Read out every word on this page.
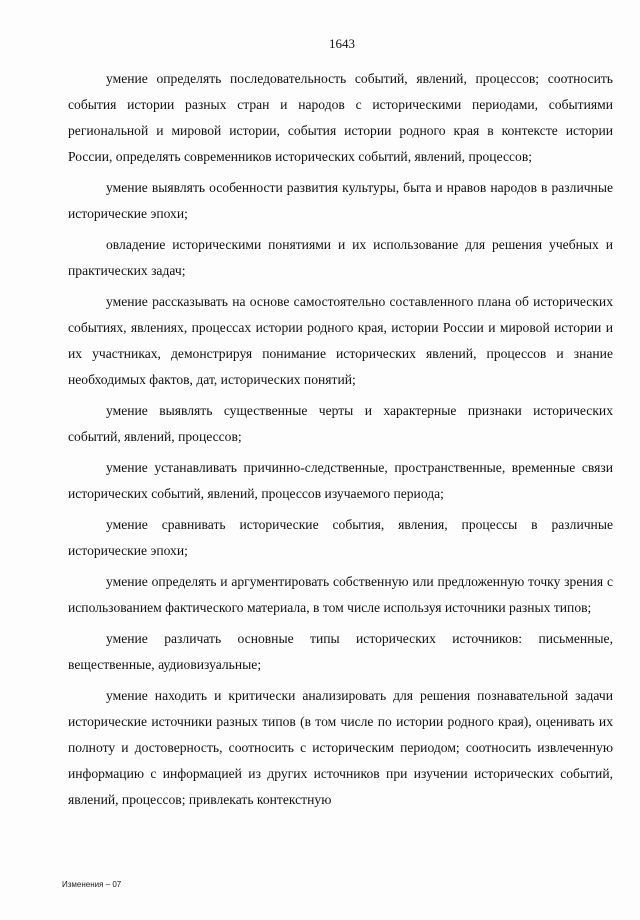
1643

умение определять последовательность событий, явлений, процессов; соотносить события истории разных стран и народов с историческими периодами, событиями региональной и мировой истории, события истории родного края в контексте истории России, определять современников исторических событий, явлений, процессов;

умение выявлять особенности развития культуры, быта и нравов народов в различные исторические эпохи;

овладение историческими понятиями и их использование для решения учебных и практических задач;

умение рассказывать на основе самостоятельно составленного плана об исторических событиях, явлениях, процессах истории родного края, истории России и мировой истории и их участниках, демонстрируя понимание исторических явлений, процессов и знание необходимых фактов, дат, исторических понятий;

умение выявлять существенные черты и характерные признаки исторических событий, явлений, процессов;

умение устанавливать причинно-следственные, пространственные, временные связи исторических событий, явлений, процессов изучаемого периода;

умение сравнивать исторические события, явления, процессы в различные исторические эпохи;

умение определять и аргументировать собственную или предложенную точку зрения с использованием фактического материала, в том числе используя источники разных типов;

умение различать основные типы исторических источников: письменные, вещественные, аудиовизуальные;

умение находить и критически анализировать для решения познавательной задачи исторические источники разных типов (в том числе по истории родного края), оценивать их полноту и достоверность, соотносить с историческим периодом; соотносить извлеченную информацию с информацией из других источников при изучении исторических событий, явлений, процессов; привлекать контекстную

Изменения – 07
